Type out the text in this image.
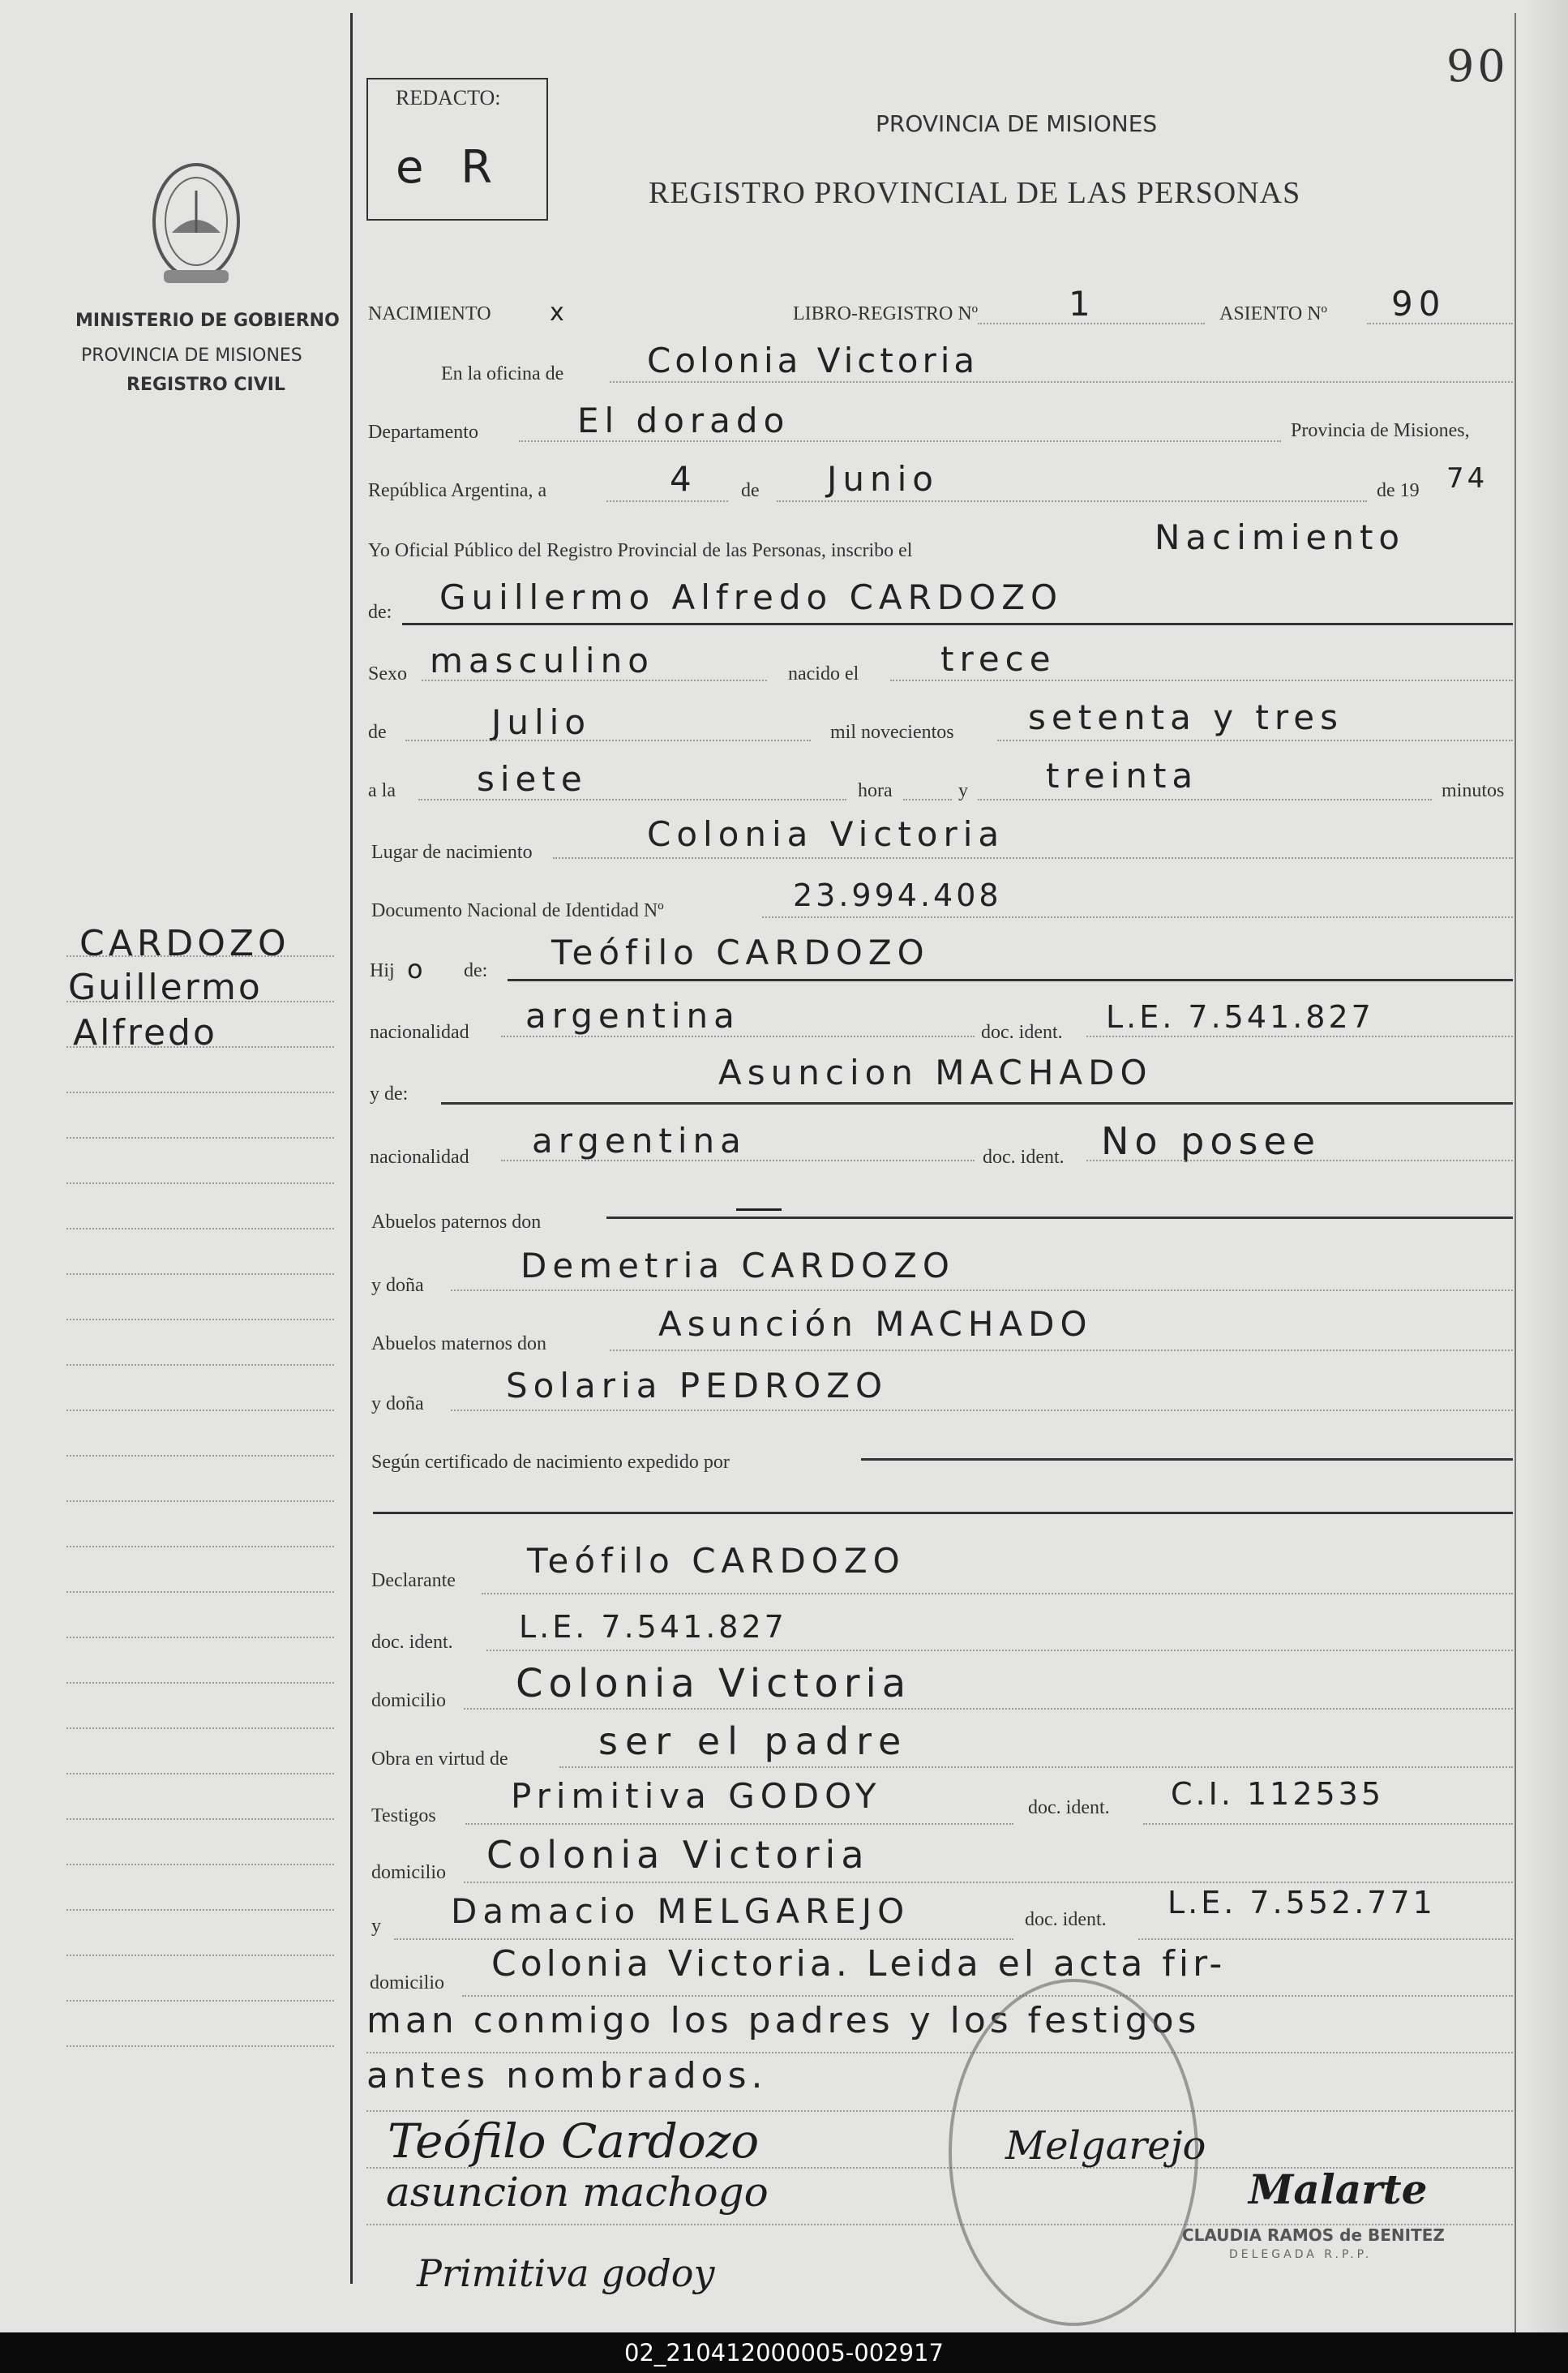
90
REDACTO:
e R
PROVINCIA DE MISIONES
REGISTRO PROVINCIAL DE LAS PERSONAS
MINISTERIO DE GOBIERNO
PROVINCIA DE MISIONES
REGISTRO CIVIL
CARDOZO
Guillermo
Alfredo
NACIMIENTO x	LIBRO-REGISTRO Nº	1	ASIENTO Nº 90
En la oficina de Colonia Victoria
Departamento	El dorado	Provincia de Misiones,
República Argentina, a	4 de Junio	de 19 74
Yo Oficial Público del Registro Provincial de las Personas, inscribo el	Nacimiento
de: Guillermo Alfredo CARDOZO
Sexo masculino	nacido el trece
de	Julio	mil novecientos setenta y tres
a la siete	hora	y treinta	minutos
Lugar de nacimiento	Colonia Victoria
Documento Nacional de Identidad Nº	23.994.408
Hij o de: Teófilo CARDOZO
nacionalidad argentina	doc. ident. L.E. 7.541.827
y de:
Asuncion MACHADO
nacionalidad argentina	doc. ident. No posee
Abuelos paternos don
y doña	Demetria CARDOZO
Abuelos maternos don	Asunción MACHADO
y doña Solaria PEDROZO
Según certificado de nacimiento expedido por
Declarante Teófilo CARDOZO
doc. ident. L.E. 7.541.827
domicilio Colonia Victoria
Obra en virtud de ser el padre
Testigos Primitiva GODOY	doc. ident. C.I. 112535
domicilio Colonia Victoria
y Damacio MELGAREJO	doc. ident. L.E. 7.552.771
domicilio Colonia Victoria. Leida el acta fir-
man conmigo los padres y los festigos
antes nombrados.
CLAUDIA RAMOS de BENITEZ
DELEGADA R.P.P.
Teófilo Cardozo
asuncion machogo
Primitiva godoy
Melgarejo
Malarte
02_210412000005-002917
